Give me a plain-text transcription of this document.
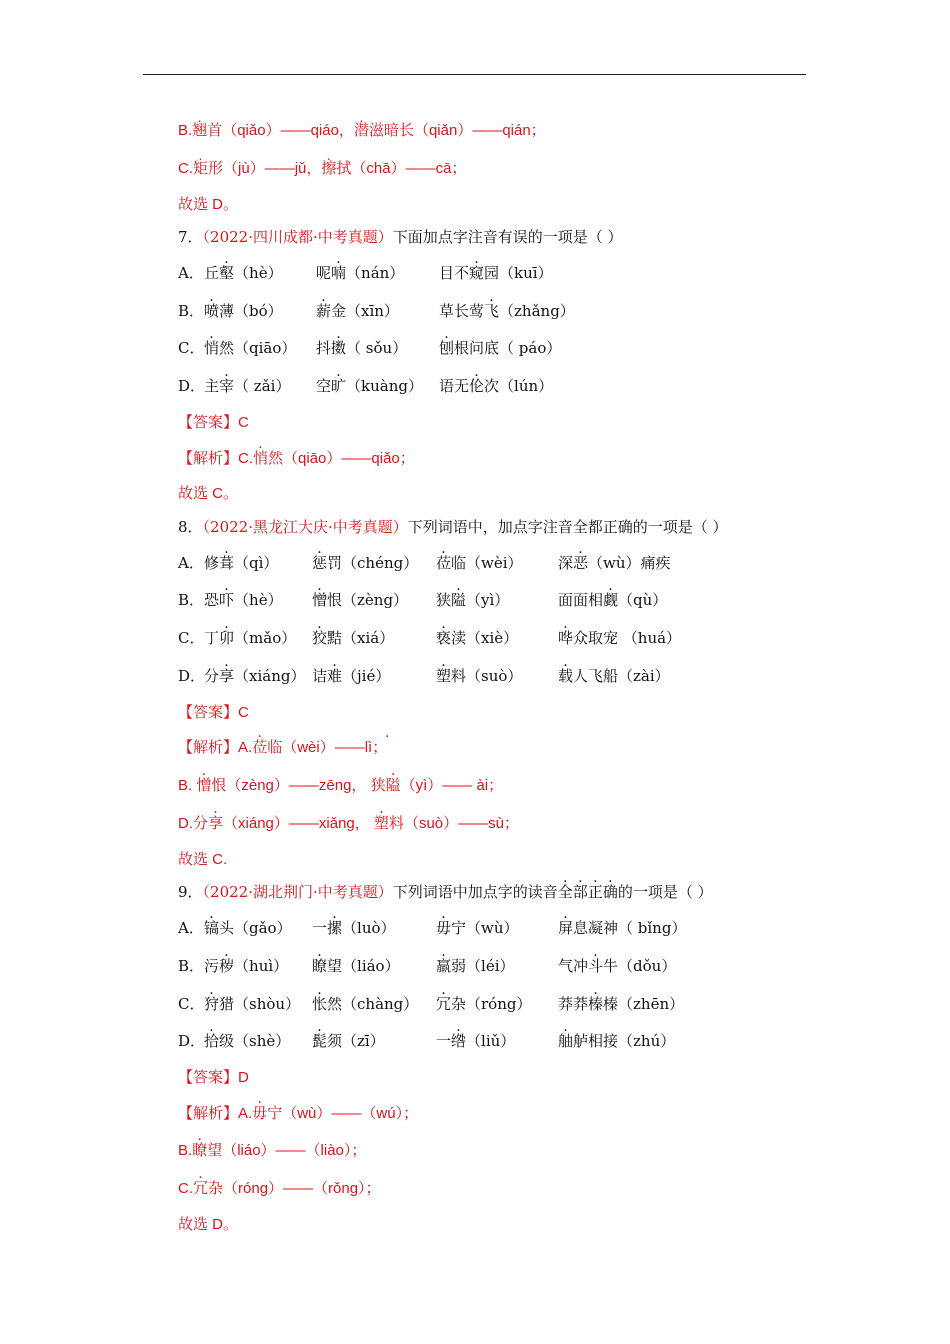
B.翘首（qiǎo）——qiáo，潜滋暗长（qiǎn）——qián；
C.矩形（jù）——jǔ，擦拭（chā）——cā；
故选 D。
7．（2022·四川成都·中考真题）下面加点字注音有误的一项是（ ）
A． 丘壑（hè） 呢喃（nán） 目不窥园（kuī）
B． 喷薄（bó） 薪金（xīn）	草长莺飞（zhǎng）
C． 悄然（qiāo） 抖擞（ sǒu） 刨根问底（ páo）
D．
主宰（ zǎi） 空旷（kuàng） 语无伦次（lún）
【答案】C
【解析】C.悄然（qiāo）——qiǎo；
故选 C。
8．（2022·黑龙江大庆·中考真题）下列词语中，加点字注音全都正确的一项是（ ）
A． 修葺（qì） 惩罚（chéng） 莅临（wèi） 深恶（wù）痛疾
B． 恐吓（hè） 憎恨（zèng） 狭隘（yì）	面面相觑（qù）
C． 丁卯（mǎo） 狡黠（xiá）	亵渎（xiè）	哗众取宠 （huá）
D．
分享（xiáng） 诘难（jié）	塑料（suò） 载人飞船（zài）
【答案】C
【解析】A.莅临（wèi）——lì；
B. 憎恨（zèng）——zēng， 狭隘（yì）—— ài；
D.分享（xiáng）——xiǎng， 塑料（suò）——sù；
故选 C.
9．（2022·湖北荆门·中考真题）下列词语中加点字的读音全部正确的一项是（ ）
A． 镐头（gǎo） 一摞（luò）	毋宁（wù）	屏息凝神（ bǐng）
B． 污秽（huì） 瞭望（liáo） 羸弱（léi）	气冲斗牛（dǒu）
C． 狩猎（shòu） 怅然（chàng） 冗杂（róng） 莽莽榛榛（zhēn）
D．
拾级（shè） 髭须（zī）	一绺（liǔ）	舳舻相接（zhú）
【答案】D
【解析】A.毋宁（wù）——（wú）；
B.瞭望（liáo）——（liào）；
C.冗杂（róng）——（rǒng）；
故选 D。
